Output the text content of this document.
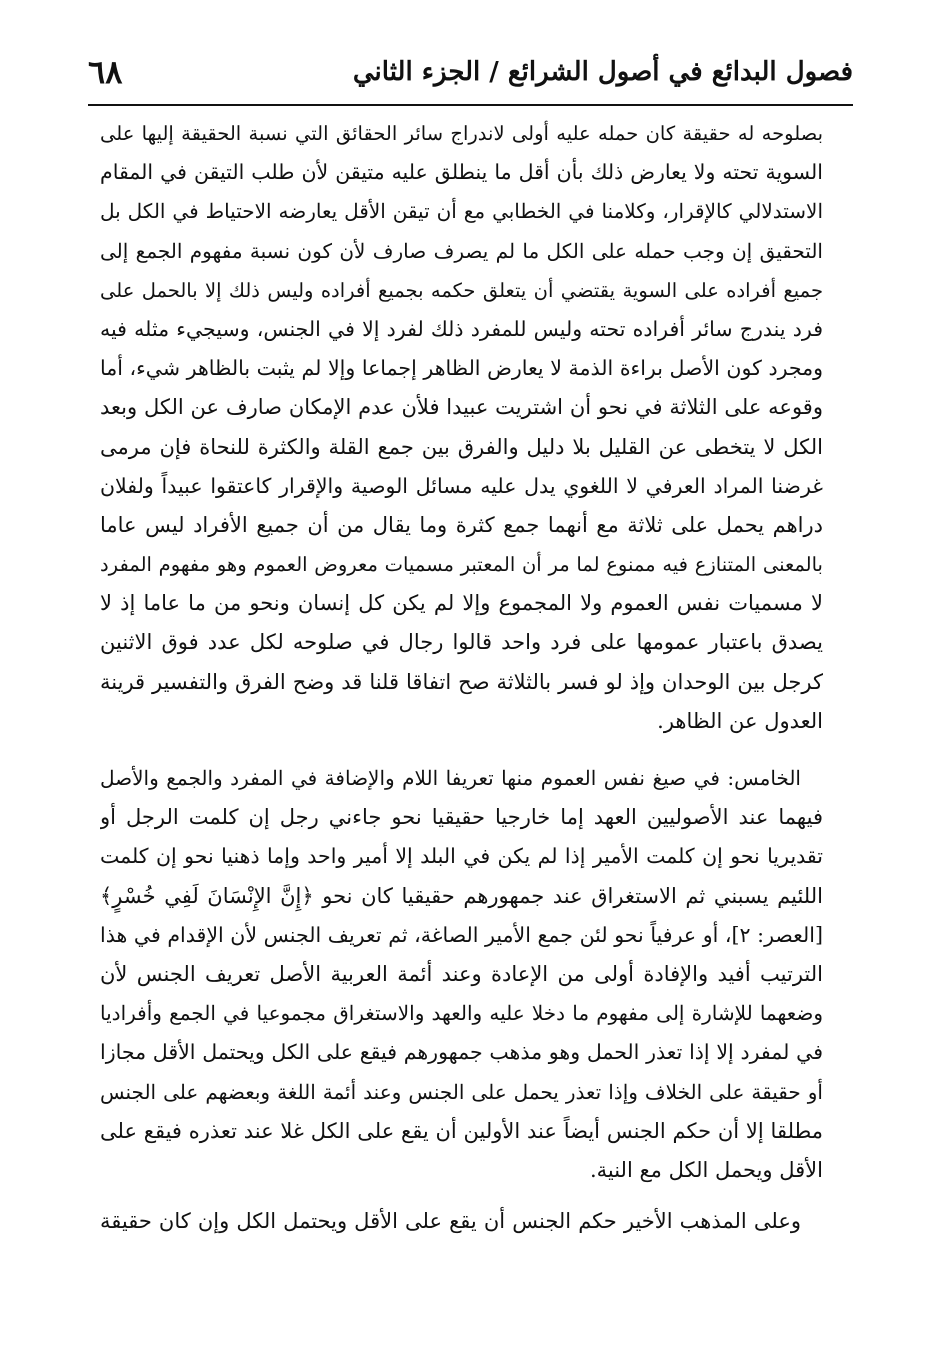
فصول البدائع في أصول الشرائع / الجزء الثاني
٦٨
بصلوحه له حقيقة كان حمله عليه أولى لاندراج سائر الحقائق التي نسبة الحقيقة إليها على
السوية تحته ولا يعارض ذلك بأن أقل ما ينطلق عليه متيقن لأن طلب التيقن في المقام
الاستدلالي كالإقرار، وكلامنا في الخطابي مع أن تيقن الأقل يعارضه الاحتياط في الكل بل
التحقيق إن وجب حمله على الكل ما لم يصرف صارف لأن كون نسبة مفهوم الجمع إلى
جميع أفراده على السوية يقتضي أن يتعلق حكمه بجميع أفراده وليس ذلك إلا بالحمل على
فرد يندرج سائر أفراده تحته وليس للمفرد ذلك لفرد إلا في الجنس، وسيجيء مثله فيه
ومجرد كون الأصل براءة الذمة لا يعارض الظاهر إجماعا وإلا لم يثبت بالظاهر شيء، أما
وقوعه على الثلاثة في نحو أن اشتريت عبيدا فلأن عدم الإمكان صارف عن الكل وبعد
الكل لا يتخطى عن القليل بلا دليل والفرق بين جمع القلة والكثرة للنحاة فإن مرمى
غرضنا المراد العرفي لا اللغوي يدل عليه مسائل الوصية والإقرار كاعتقوا عبيداً ولفلان
دراهم يحمل على ثلاثة مع أنهما جمع كثرة وما يقال من أن جميع الأفراد ليس عاما
بالمعنى المتنازع فيه ممنوع لما مر أن المعتبر مسميات معروض العموم وهو مفهوم المفرد
لا مسميات نفس العموم ولا المجموع وإلا لم يكن كل إنسان ونحو من ما عاما إذ لا
يصدق باعتبار عمومها على فرد واحد قالوا رجال في صلوحه لكل عدد فوق الاثنين
كرجل بين الوحدان وإذ لو فسر بالثلاثة صح اتفاقا قلنا قد وضح الفرق والتفسير قرينة
العدول عن الظاهر.
الخامس: في صيغ نفس العموم منها تعريفا اللام والإضافة في المفرد والجمع والأصل
فيهما عند الأصوليين العهد إما خارجيا حقيقيا نحو جاءني رجل إن كلمت الرجل أو
تقديريا نحو إن كلمت الأمير إذا لم يكن في البلد إلا أمير واحد وإما ذهنيا نحو إن كلمت
اللئيم يسبني ثم الاستغراق عند جمهورهم حقيقيا كان نحو ﴿إِنَّ الإِنْسَانَ لَفِي خُسْرٍ﴾
[العصر: ٢]، أو عرفياً نحو لئن جمع الأمير الصاغة، ثم تعريف الجنس لأن الإقدام في هذا
الترتيب أفيد والإفادة أولى من الإعادة وعند أئمة العربية الأصل تعريف الجنس لأن
وضعهما للإشارة إلى مفهوم ما دخلا عليه والعهد والاستغراق مجموعيا في الجمع وأفراديا
في لمفرد إلا إذا تعذر الحمل وهو مذهب جمهورهم فيقع على الكل ويحتمل الأقل مجازا
أو حقيقة على الخلاف وإذا تعذر يحمل على الجنس وعند أئمة اللغة وبعضهم على الجنس
مطلقا إلا أن حكم الجنس أيضاً عند الأولين أن يقع على الكل غلا عند تعذره فيقع على
الأقل ويحمل الكل مع النية.
وعلى المذهب الأخير حكم الجنس أن يقع على الأقل ويحتمل الكل وإن كان حقيقة
